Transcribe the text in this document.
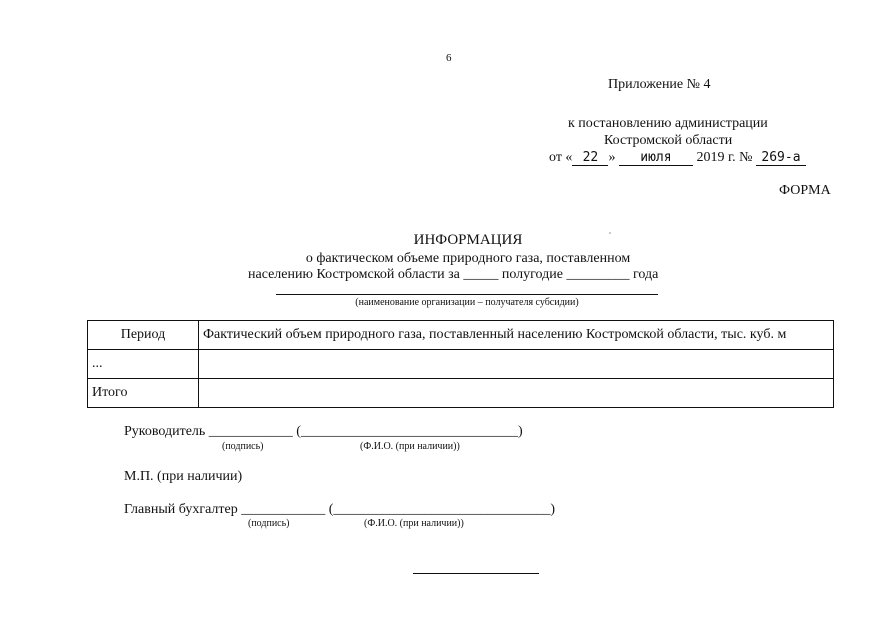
6
Приложение № 4
к постановлению администрации
Костромской области
от « 22 » июля 2019 г. № 269-а
ФОРМА
ИНФОРМАЦИЯ
о фактическом объеме природного газа, поставленном
населению Костромской области за _____ полугодие _________ года
(наименование организации – получателя субсидии)
Период	Фактический объем природного газа, поставленный населению Костромской области, тыс. куб. м
...	
Итого	
Руководитель ____________ (_______________________________)
(подпись)	(Ф.И.О. (при наличии))
М.П. (при наличии)
Главный бухгалтер ____________ (_______________________________)
(подпись)	(Ф.И.О. (при наличии))
